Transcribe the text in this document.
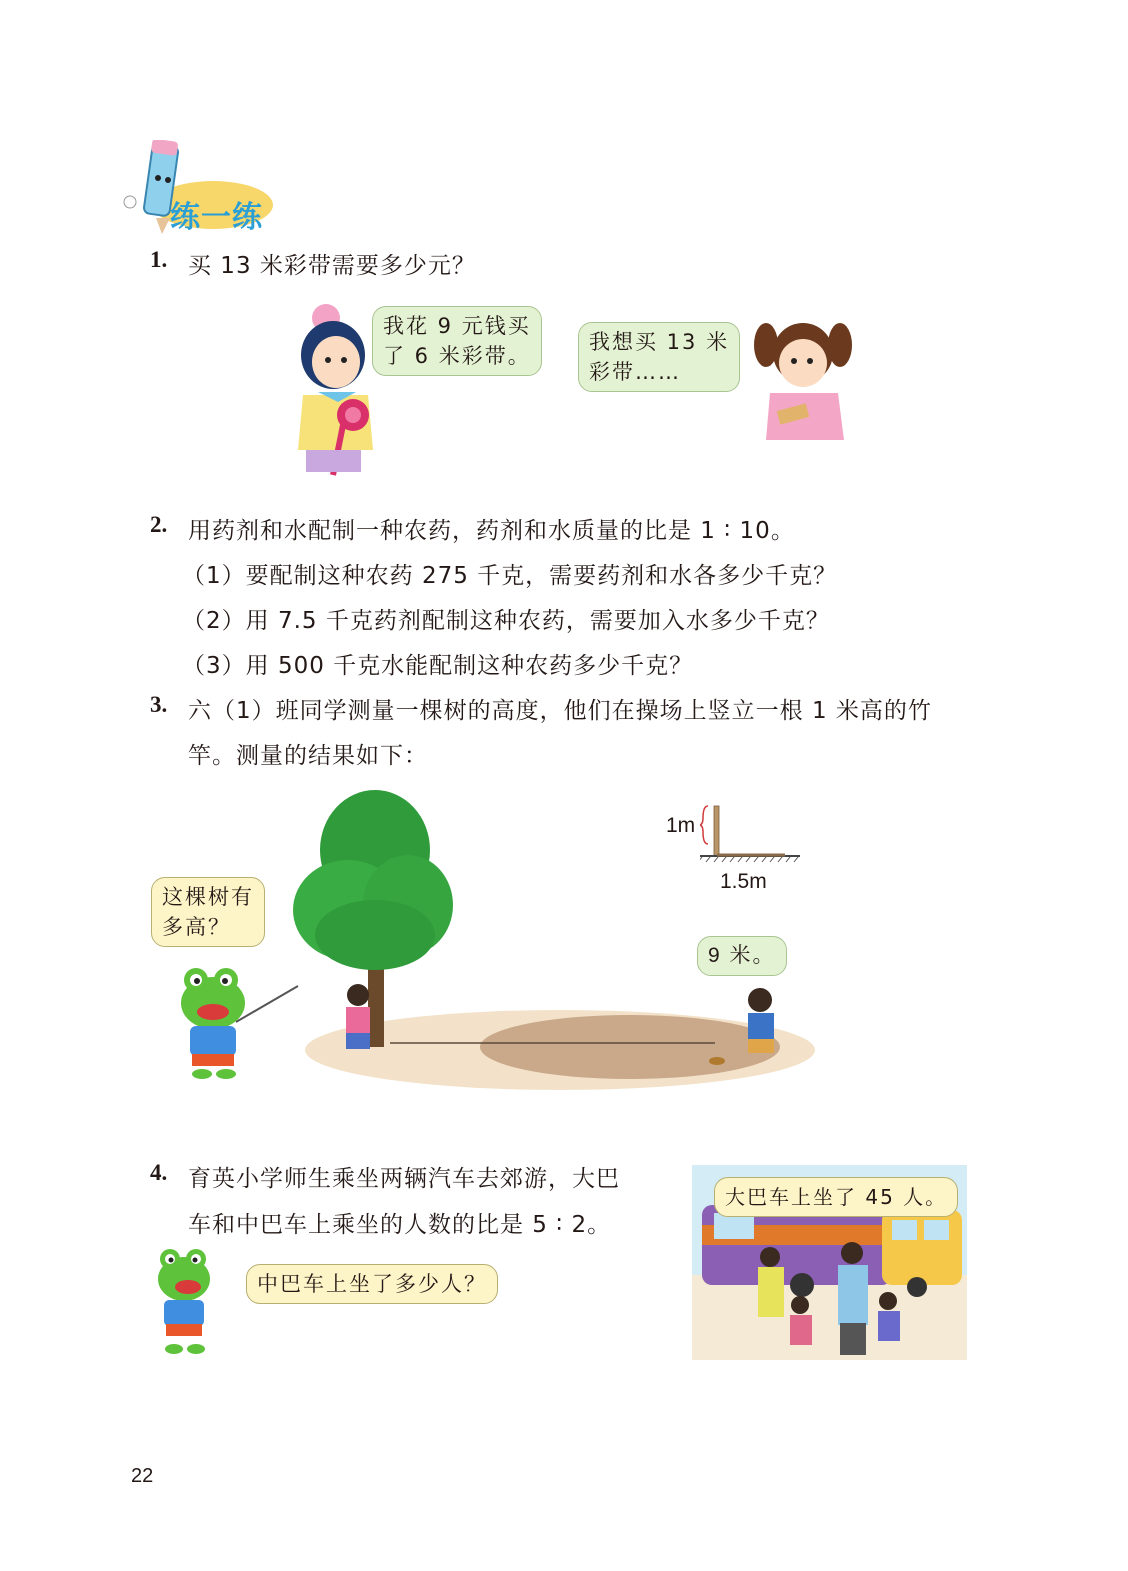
练一练
1. 买 13 米彩带需要多少元？
我花 9 元钱买
了 6 米彩带。
我想买 13 米
彩带……
2. 用药剂和水配制一种农药，药剂和水质量的比是 1 ∶ 10。
（1）要配制这种农药 275 千克，需要药剂和水各多少千克？
（2）用 7.5 千克药剂配制这种农药，需要加入水多少千克？
（3）用 500 千克水能配制这种农药多少千克？
3. 六（1）班同学测量一棵树的高度，他们在操场上竖立一根 1 米高的竹
竿。测量的结果如下：
1m
1.5m
这棵树有
多高？
9 米。
4. 育英小学师生乘坐两辆汽车去郊游，大巴
车和中巴车上乘坐的人数的比是 5 ∶ 2。
中巴车上坐了多少人？
大巴车上坐了 45 人。
22
